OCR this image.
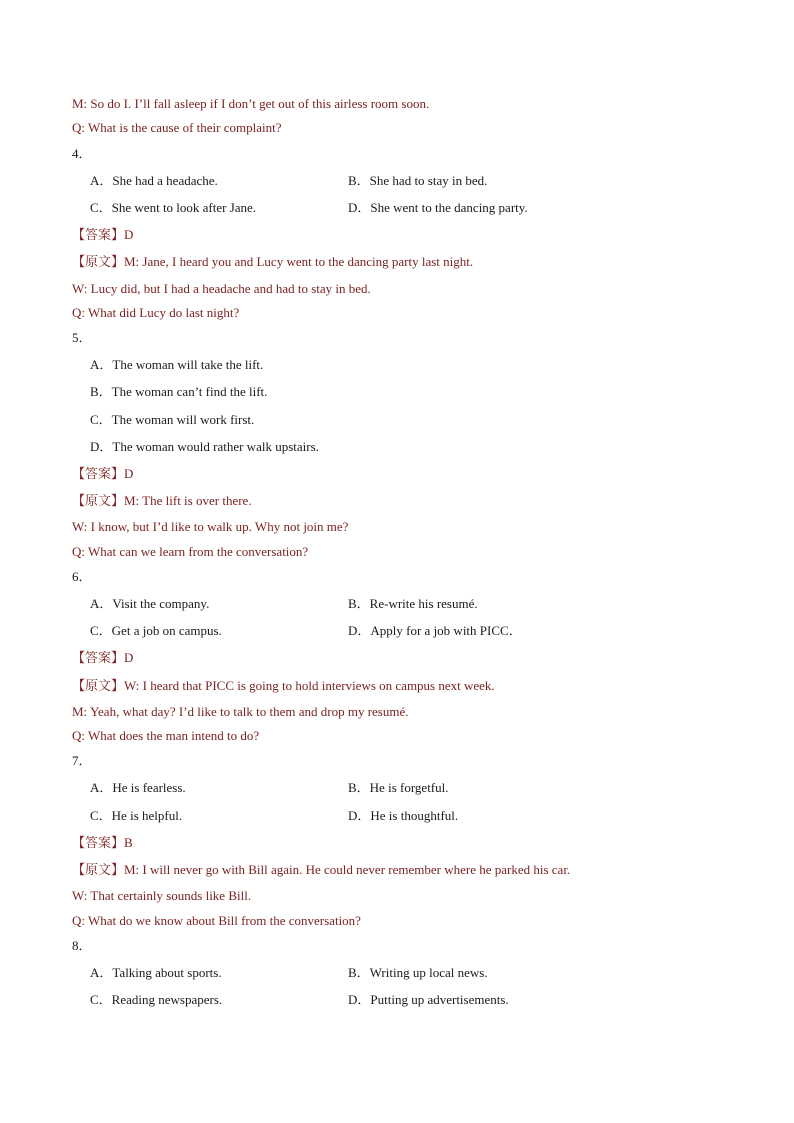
M: So do I. I’ll fall asleep if I don’t get out of this airless room soon.
Q: What is the cause of their complaint?
4．
A．She had a headache.	B．She had to stay in bed.
C．She went to look after Jane.	D．She went to the dancing party.
【答案】D
【原文】M: Jane, I heard you and Lucy went to the dancing party last night.
W: Lucy did, but I had a headache and had to stay in bed.
Q: What did Lucy do last night?
5．
A．The woman will take the lift.
B．The woman can’t find the lift.
C．The woman will work first.
D．The woman would rather walk upstairs.
【答案】D
【原文】M: The lift is over there.
W: I know, but I’d like to walk up. Why not join me?
Q: What can we learn from the conversation?
6．
A．Visit the company.	B．Re-write his resumé.
C．Get a job on campus.	D．Apply for a job with PICC．
【答案】D
【原文】W: I heard that PICC is going to hold interviews on campus next week.
M: Yeah, what day? I’d like to talk to them and drop my resumé.
Q: What does the man intend to do?
7．
A．He is fearless.	B．He is forgetful.
C．He is helpful.	D．He is thoughtful.
【答案】B
【原文】M: I will never go with Bill again. He could never remember where he parked his car.
W: That certainly sounds like Bill.
Q: What do we know about Bill from the conversation?
8．
A．Talking about sports.	B．Writing up local news.
C．Reading newspapers.	D．Putting up advertisements.
